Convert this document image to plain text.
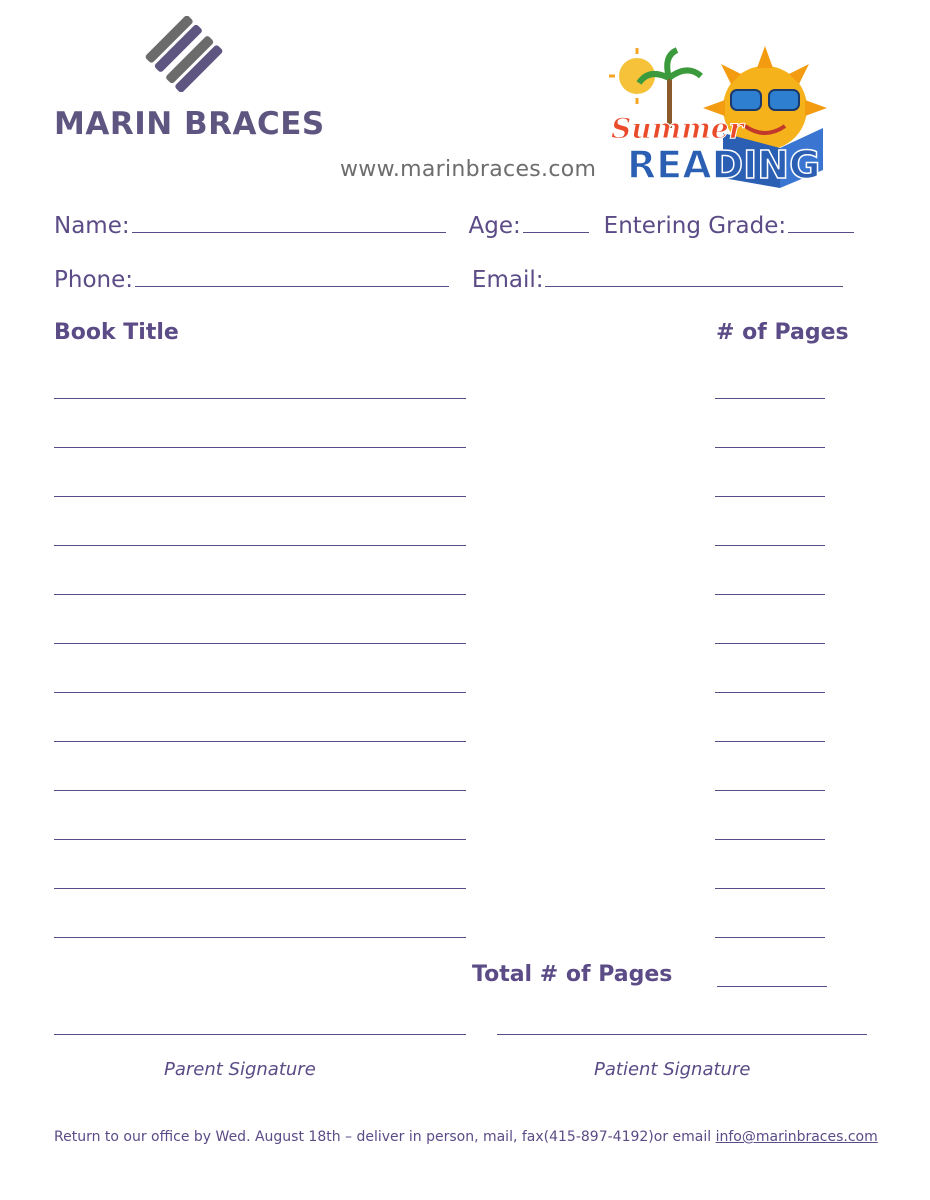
MARIN BRACES
www.marinbraces.com
Summer
READING
Name:	Age:	Entering Grade:
Phone:	Email:
Book Title	# of Pages
Total # of Pages
Parent Signature	Patient Signature
Return to our office by Wed. August 18th – deliver in person, mail, fax(415-897-4192)or email info@marinbraces.com
